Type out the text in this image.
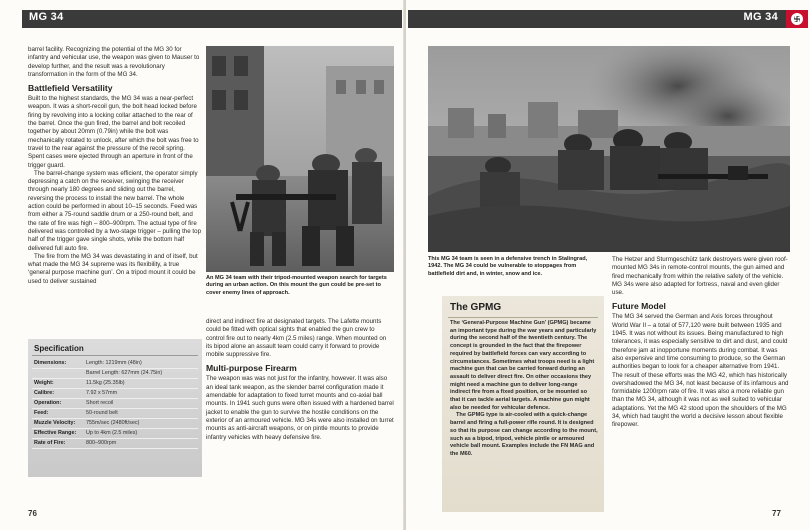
MG 34

barrel facility. Recognizing the potential of the MG 30 for infantry and vehicular use, the weapon was given to Mauser to develop further, and the result was a revolutionary transformation in the form of the MG 34.

Battlefield Versatility

Built to the highest standards, the MG 34 was a near-perfect weapon. It was a short-recoil gun, the bolt head locked before firing by revolving into a locking collar attached to the rear of the barrel. Once the gun fired, the barrel and bolt recoiled together by about 20mm (0.79in) while the bolt was mechanically rotated to unlock, after which the bolt was free to travel to the rear against the pressure of the recoil spring. Spent cases were ejected through an aperture in front of the trigger guard.

The barrel-change system was efficient, the operator simply depressing a catch on the receiver, swinging the receiver through nearly 180 degrees and sliding out the barrel, reversing the process to install the new barrel. The whole action could be performed in about 10–15 seconds. Feed was from either a 75-round saddle drum or a 250-round belt, and the rate of fire was high – 800–900rpm. The actual type of fire delivered was controlled by a two-stage trigger – pulling the top half of the trigger gave single shots, while the bottom half delivered full auto fire.

The fire from the MG 34 was devastating in and of itself, but what made the MG 34 supreme was its flexibility, a true ‘general purpose machine gun’. On a tripod mount it could be used to deliver sustained	An MG 34 team with their tripod-mounted weapon search for targets during an urban action. On this mount the gun could be pre-set to cover enemy lines of approach.

direct and indirect fire at designated targets. The Lafette mounts could be fitted with optical sights that enabled the gun crew to control fire out to nearly 4km (2.5 miles) range. When mounted on its bipod alone an assault team could carry it forward to provide mobile suppressive fire.

Multi-purpose Firearm

The weapon was was not just for the infantry, however. It was also an ideal tank weapon, as the slender barrel configuration made it amendable for adaptation to fixed turret mounts and co-axial ball mounts. In 1941 such guns were often issued with a hardened barrel jacket to enable the gun to survive the hostile conditions on the exterior of an armoured vehicle. MG 34s were also installed on turret mounts as anti-aircraft weapons, or on pintle mounts to provide infantry vehicles with heavy defensive fire.

Specification
Dimensions:	Length: 1219mm (48in)
	Barrel Length: 627mm (24.75in)
Weight:	11.5kg (25.35lb)
Calibre:	7.92 x 57mm
Operation:	Short recoil
Feed:	50-round belt
Muzzle Velocity:	755m/sec (2480ft/sec)
Effective Range:	Up to 4km (2.5 miles)
Rate of Fire:	800–900rpm
76
MG 34
This MG 34 team is seen in a defensive trench in Stalingrad, 1942. The MG 34 could be vulnerable to stoppages from battlefield dirt and, in winter, snow and ice.
The GPMG

The ‘General-Purpose Machine Gun’ (GPMG) became an important type during the war years and particularly during the second half of the twentieth century. The concept is grounded in the fact that the firepower required by battlefield forces can vary according to circumstances. Sometimes what troops need is a light machine gun that can be carried forward during an assault to deliver direct fire. On other occasions they might need a machine gun to deliver long-range indirect fire from a fixed position, or be mounted so that it can tackle aerial targets. A machine gun might also be needed for vehicular defence.

The GPMG type is air-cooled with a quick-change barrel and firing a full-power rifle round. It is designed so that its purpose can change according to the mount, such as a bipod, tripod, vehicle pintle or armoured vehicle ball mount. Examples include the FN MAG and the M60.

The Hetzer and Sturmgeschütz tank destroyers were given roof-mounted MG 34s in remote-control mounts, the gun aimed and fired mechanically from within the relative safety of the vehicle. MG 34s were also adapted for fortress, naval and even glider use.

Future Model

The MG 34 served the German and Axis forces throughout World War II – a total of 577,120 were built between 1935 and 1945. It was not without its issues. Being manufactured to high tolerances, it was especially sensitive to dirt and dust, and could therefore jam at inopportune moments during combat. It was also expensive and time consuming to produce, so the German authorities began to look for a cheaper alternative from 1941. The result of these efforts was the MG 42, which has historically overshadowed the MG 34, not least because of its infamous and formidable 1200rpm rate of fire. It was also a more reliable gun than the MG 34, although it was not as well suited to vehicular adaptations. Yet the MG 42 stood upon the shoulders of the MG 34, which had taught the world a decisive lesson about flexible firepower.

77
